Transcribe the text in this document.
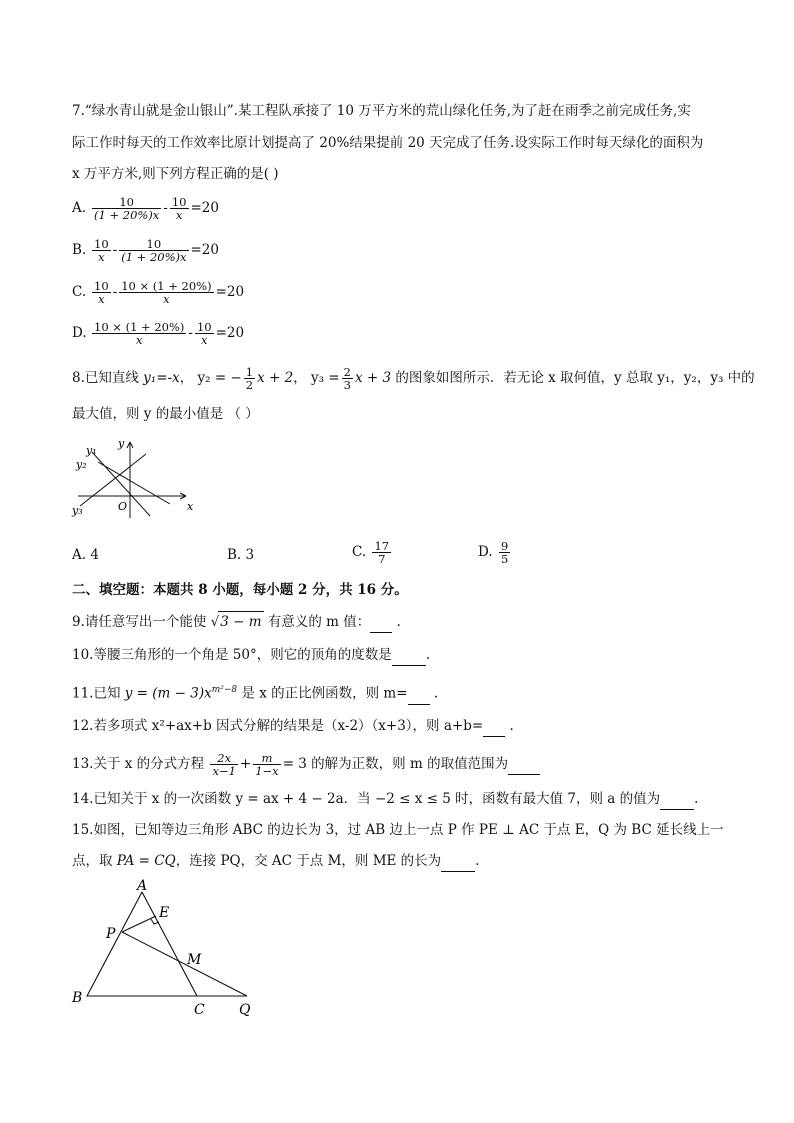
7.“绿水青山就是金山银山”.某工程队承接了 10 万平方米的荒山绿化任务,为了赶在雨季之前完成任务,实
际工作时每天的工作效率比原计划提高了 20%结果提前 20 天完成了任务.设实际工作时每天绿化的面积为
x 万平方米,则下列方程正确的是( )
A. $\frac{10}{(1 + 20\%)x} - \frac{10}{x} =20$
B. $\frac{10}{x} - \frac{10}{(1 + 20\%)x} =20$
C. $\frac{10}{x} - \frac{10 \times (1 + 20\%)}{x} =20$
D. $\frac{10 \times (1 + 20\%)}{x} - \frac{10}{x} =20$
8.已知直线 y₁=-x， y₂ = − $\frac{1}{2}$ x + 2， $y_3 = \frac{2}{3}$ x + 3 的图象如图所示．若无论 x 取何值，y 总取 y₁，y₂，y₃ 中的
最大值，则 y 的最小值是 （ ）
y₁
y₂
y₃
y
x
O
A. 4	B. 3	C. $\frac{17}{7}$	D. $\frac{9}{5}$
二、填空题：本题共 8 小题，每小题 2 分，共 16 分。
9.请任意写出一个能使 √3 − m 有意义的 m 值：  .
10.等腰三角形的一个角是 50°，则它的顶角的度数是	.
11.已知 $y = (m - 3)x^{m^2-8}$ 是 x 的正比例函数，则 m=  .
12.若多项式 x²+ax+b 因式分解的结果是（x-2）（x+3），则 a+b=  .
13.关于 x 的分式方程 $\frac{2x}{x-1} + \frac{m}{1-x} = 3$ 的解为正数，则 m 的取值范围为
14.已知关于 x 的一次函数 y = ax + 4 − 2a．当 −2 ≤ x ≤ 5 时，函数有最大值 7，则 a 的值为	.
15.如图，已知等边三角形 ABC 的边长为 3，过 AB 边上一点 P 作 PE ⊥ AC 于点 E，Q 为 BC 延长线上一
点，取 PA = CQ，连接 PQ，交 AC 于点 M，则 ME 的长为	.
A
B
C
E
P
M
Q
